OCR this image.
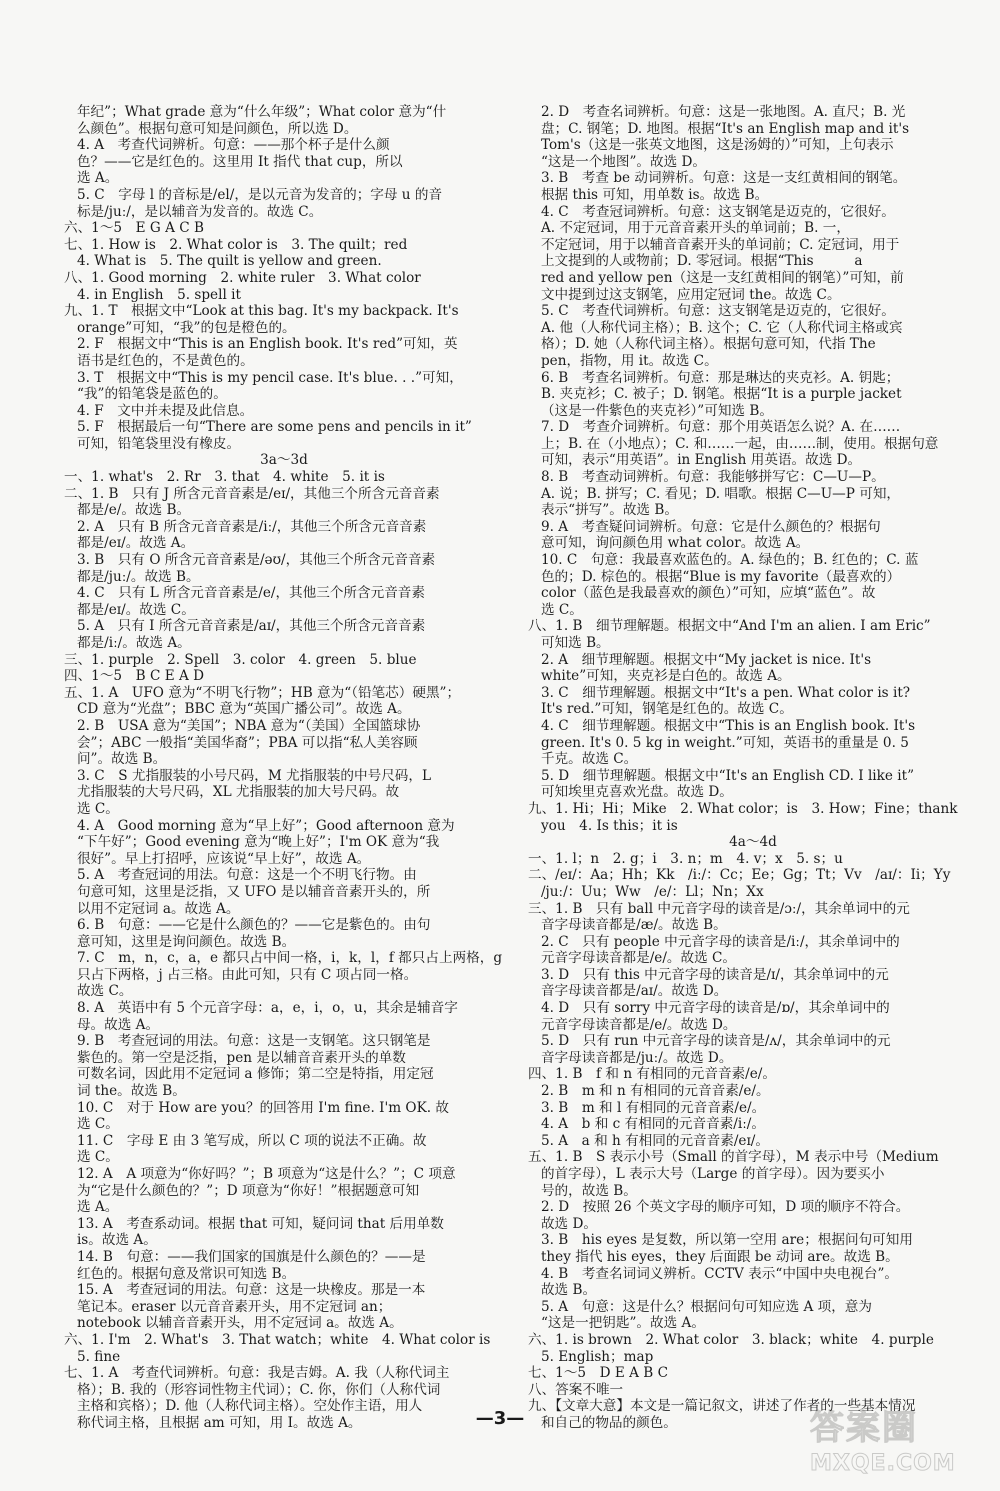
年纪”；What grade 意为“什么年级”；What color 意为“什
么颜色”。根据句意可知是问颜色，所以选 D。
4. A　考查代词辨析。句意：——那个杯子是什么颜
色？——它是红色的。这里用 It 指代 that cup，所以
选 A。
5. C　字母 l 的音标是/el/，是以元音为发音的；字母 u 的音
标是/juː/，是以辅音为发音的。故选 C。
六、1～5　E G A C B
七、1. How is　2. What color is　3. The quilt；red
4. What is　5. The quilt is yellow and green.
八、1. Good morning　2. white ruler　3. What color
4. in English　5. spell it
九、1. T　根据文中“Look at this bag. It's my backpack. It's
orange”可知，“我”的包是橙色的。
2. F　根据文中“This is an English book. It's red”可知，英
语书是红色的，不是黄色的。
3. T　根据文中“This is my pencil case. It's blue. . .”可知，
“我”的铅笔袋是蓝色的。
4. F　文中并未提及此信息。
5. F　根据最后一句“There are some pens and pencils in it”
可知，铅笔袋里没有橡皮。
3a～3d
一、1. what's　2. Rr　3. that　4. white　5. it is
二、1. B　只有 J 所含元音音素是/eɪ/，其他三个所含元音音素
都是/e/。故选 B。
2. A　只有 B 所含元音音素是/iː/，其他三个所含元音音素
都是/eɪ/。故选 A。
3. B　只有 O 所含元音音素是/əʊ/，其他三个所含元音音素
都是/juː/。故选 B。
4. C　只有 L 所含元音音素是/e/，其他三个所含元音音素
都是/eɪ/。故选 C。
5. A　只有 I 所含元音音素是/aɪ/，其他三个所含元音音素
都是/iː/。故选 A。
三、1. purple　2. Spell　3. color　4. green　5. blue
四、1～5　B C E A D
五、1. A　UFO 意为“不明飞行物”；HB 意为“（铅笔芯）硬黑”；
CD 意为“光盘”；BBC 意为“英国广播公司”。故选 A。
2. B　USA 意为“美国”；NBA 意为“（美国）全国篮球协
会”；ABC 一般指“美国华裔”；PBA 可以指“私人美容顾
问”。故选 B。
3. C　S 尤指服装的小号尺码，M 尤指服装的中号尺码，L
尤指服装的大号尺码，XL 尤指服装的加大号尺码。故
选 C。
4. A　Good morning 意为“早上好”；Good afternoon 意为
“下午好”；Good evening 意为“晚上好”；I'm OK 意为“我
很好”。早上打招呼，应该说“早上好”，故选 A。
5. A　考查冠词的用法。句意：这是一个不明飞行物。由
句意可知，这里是泛指，又 UFO 是以辅音音素开头的，所
以用不定冠词 a。故选 A。
6. B　句意：——它是什么颜色的？——它是紫色的。由句
意可知，这里是询问颜色。故选 B。
7. C　m，n，c，a，e 都只占中间一格，i，k，l，f 都只占上两格，g
只占下两格，j 占三格。由此可知，只有 C 项占同一格。
故选 C。
8. A　英语中有 5 个元音字母：a，e，i，o，u，其余是辅音字
母。故选 A。
9. B　考查冠词的用法。句意：这是一支钢笔。这只钢笔是
紫色的。第一空是泛指，pen 是以辅音音素开头的单数
可数名词，因此用不定冠词 a 修饰；第二空是特指，用定冠
词 the。故选 B。
10. C　对于 How are you？的回答用 I'm fine. I'm OK. 故
选 C。
11. C　字母 E 由 3 笔写成，所以 C 项的说法不正确。故
选 C。
12. A　A 项意为“你好吗？”；B 项意为“这是什么？”；C 项意
为“它是什么颜色的？”；D 项意为“你好！”根据题意可知
选 A。
13. A　考查系动词。根据 that 可知，疑问词 that 后用单数
is。故选 A。
14. B　句意：——我们国家的国旗是什么颜色的？——是
红色的。根据句意及常识可知选 B。
15. A　考查冠词的用法。句意：这是一块橡皮。那是一本
笔记本。eraser 以元音音素开头，用不定冠词 an；
notebook 以辅音音素开头，用不定冠词 a。故选 A。
六、1. I'm　2. What's　3. That watch；white　4. What color is
5. fine
七、1. A　考查代词辨析。句意：我是吉姆。A. 我（人称代词主
格）；B. 我的（形容词性物主代词）；C. 你，你们（人称代词
主格和宾格）；D. 他（人称代词主格）。空处作主语，用人
称代词主格，且根据 am 可知，用 I。故选 A。
2. D　考查名词辨析。句意：这是一张地图。A. 直尺；B. 光
盘；C. 钢笔；D. 地图。根据“It's an English map and it's
Tom's（这是一张英文地图，这是汤姆的）”可知，上句表示
“这是一个地图”。故选 D。
3. B　考查 be 动词辨析。句意：这是一支红黄相间的钢笔。
根据 this 可知，用单数 is。故选 B。
4. C　考查冠词辨析。句意：这支钢笔是迈克的，它很好。
A. 不定冠词，用于元音音素开头的单词前；B. 一，
不定冠词，用于以辅音音素开头的单词前；C. 定冠词，用于
上文提到的人或物前；D. 零冠词。根据“This　　　a
red and yellow pen（这是一支红黄相间的钢笔）”可知，前
文中提到过这支钢笔，应用定冠词 the。故选 C。
5. C　考查代词辨析。句意：这支钢笔是迈克的，它很好。
A. 他（人称代词主格）；B. 这个；C. 它（人称代词主格或宾
格）；D. 她（人称代词主格）。根据句意可知，代指 The
pen，指物，用 it。故选 C。
6. B　考查名词辨析。句意：那是琳达的夹克衫。A. 钥匙；
B. 夹克衫；C. 被子；D. 钢笔。根据“It is a purple jacket
（这是一件紫色的夹克衫）”可知选 B。
7. D　考查介词辨析。句意：那个用英语怎么说？A. 在……
上；B. 在（小地点）；C. 和……一起，由……制，使用。根据句意
可知，表示“用英语”。in English 用英语。故选 D。
8. B　考查动词辨析。句意：我能够拼写它：C—U—P。
A. 说；B. 拼写；C. 看见；D. 唱歌。根据 C—U—P 可知，
表示“拼写”。故选 B。
9. A　考查疑问词辨析。句意：它是什么颜色的？根据句
意可知，询问颜色用 what color。故选 A。
10. C　句意：我最喜欢蓝色的。A. 绿色的；B. 红色的；C. 蓝
色的；D. 棕色的。根据“Blue is my favorite（最喜欢的）
color（蓝色是我最喜欢的颜色）”可知，应填“蓝色”。故
选 C。
八、1. B　细节理解题。根据文中“And I'm an alien. I am Eric”
可知选 B。
2. A　细节理解题。根据文中“My jacket is nice. It's
white”可知，夹克衫是白色的。故选 A。
3. C　细节理解题。根据文中“It's a pen. What color is it?
It's red.”可知，钢笔是红色的。故选 C。
4. C　细节理解题。根据文中“This is an English book. It's
green. It's 0. 5 kg in weight.”可知，英语书的重量是 0. 5
千克。故选 C。
5. D　细节理解题。根据文中“It's an English CD. I like it”
可知埃里克喜欢光盘。故选 D。
九、1. Hi；Hi；Mike　2. What color；is　3. How；Fine；thank
you　4. Is this；it is
4a～4d
一、1. l；n　2. g；i　3. n；m　4. v；x　5. s；u
二、/eɪ/：Aa；Hh；Kk　/iː/：Cc；Ee；Gg；Tt；Vv　/aɪ/：Ii；Yy
/juː/：Uu；Ww　/e/：Ll；Nn；Xx
三、1. B　只有 ball 中元音字母的读音是/ɔː/，其余单词中的元
音字母读音都是/æ/。故选 B。
2. C　只有 people 中元音字母的读音是/iː/，其余单词中的
元音字母读音都是/e/。故选 C。
3. D　只有 this 中元音字母的读音是/ɪ/，其余单词中的元
音字母读音都是/aɪ/。故选 D。
4. D　只有 sorry 中元音字母的读音是/ɒ/，其余单词中的
元音字母读音都是/e/。故选 D。
5. D　只有 run 中元音字母的读音是/ʌ/，其余单词中的元
音字母读音都是/juː/。故选 D。
四、1. B　f 和 n 有相同的元音音素/e/。
2. B　m 和 n 有相同的元音音素/e/。
3. B　m 和 l 有相同的元音音素/e/。
4. A　b 和 c 有相同的元音音素/iː/。
5. A　a 和 h 有相同的元音音素/eɪ/。
五、1. B　S 表示小号（Small 的首字母），M 表示中号（Medium
的首字母），L 表示大号（Large 的首字母）。因为要买小
号的，故选 B。
2. D　按照 26 个英文字母的顺序可知，D 项的顺序不符合。
故选 D。
3. B　his eyes 是复数，所以第一空用 are；根据问句可知用
they 指代 his eyes，they 后面跟 be 动词 are。故选 B。
4. B　考查名词词义辨析。CCTV 表示“中国中央电视台”。
故选 B。
5. A　句意：这是什么？根据问句可知应选 A 项，意为
“这是一把钥匙”。故选 A。
六、1. is brown　2. What color　3. black；white　4. purple
5. English；map
七、1～5　D E A B C
八、答案不唯一
九、【文章大意】本文是一篇记叙文，讲述了作者的一些基本情况
和自己的物品的颜色。
—3—	答案圈
MXQE.COM
